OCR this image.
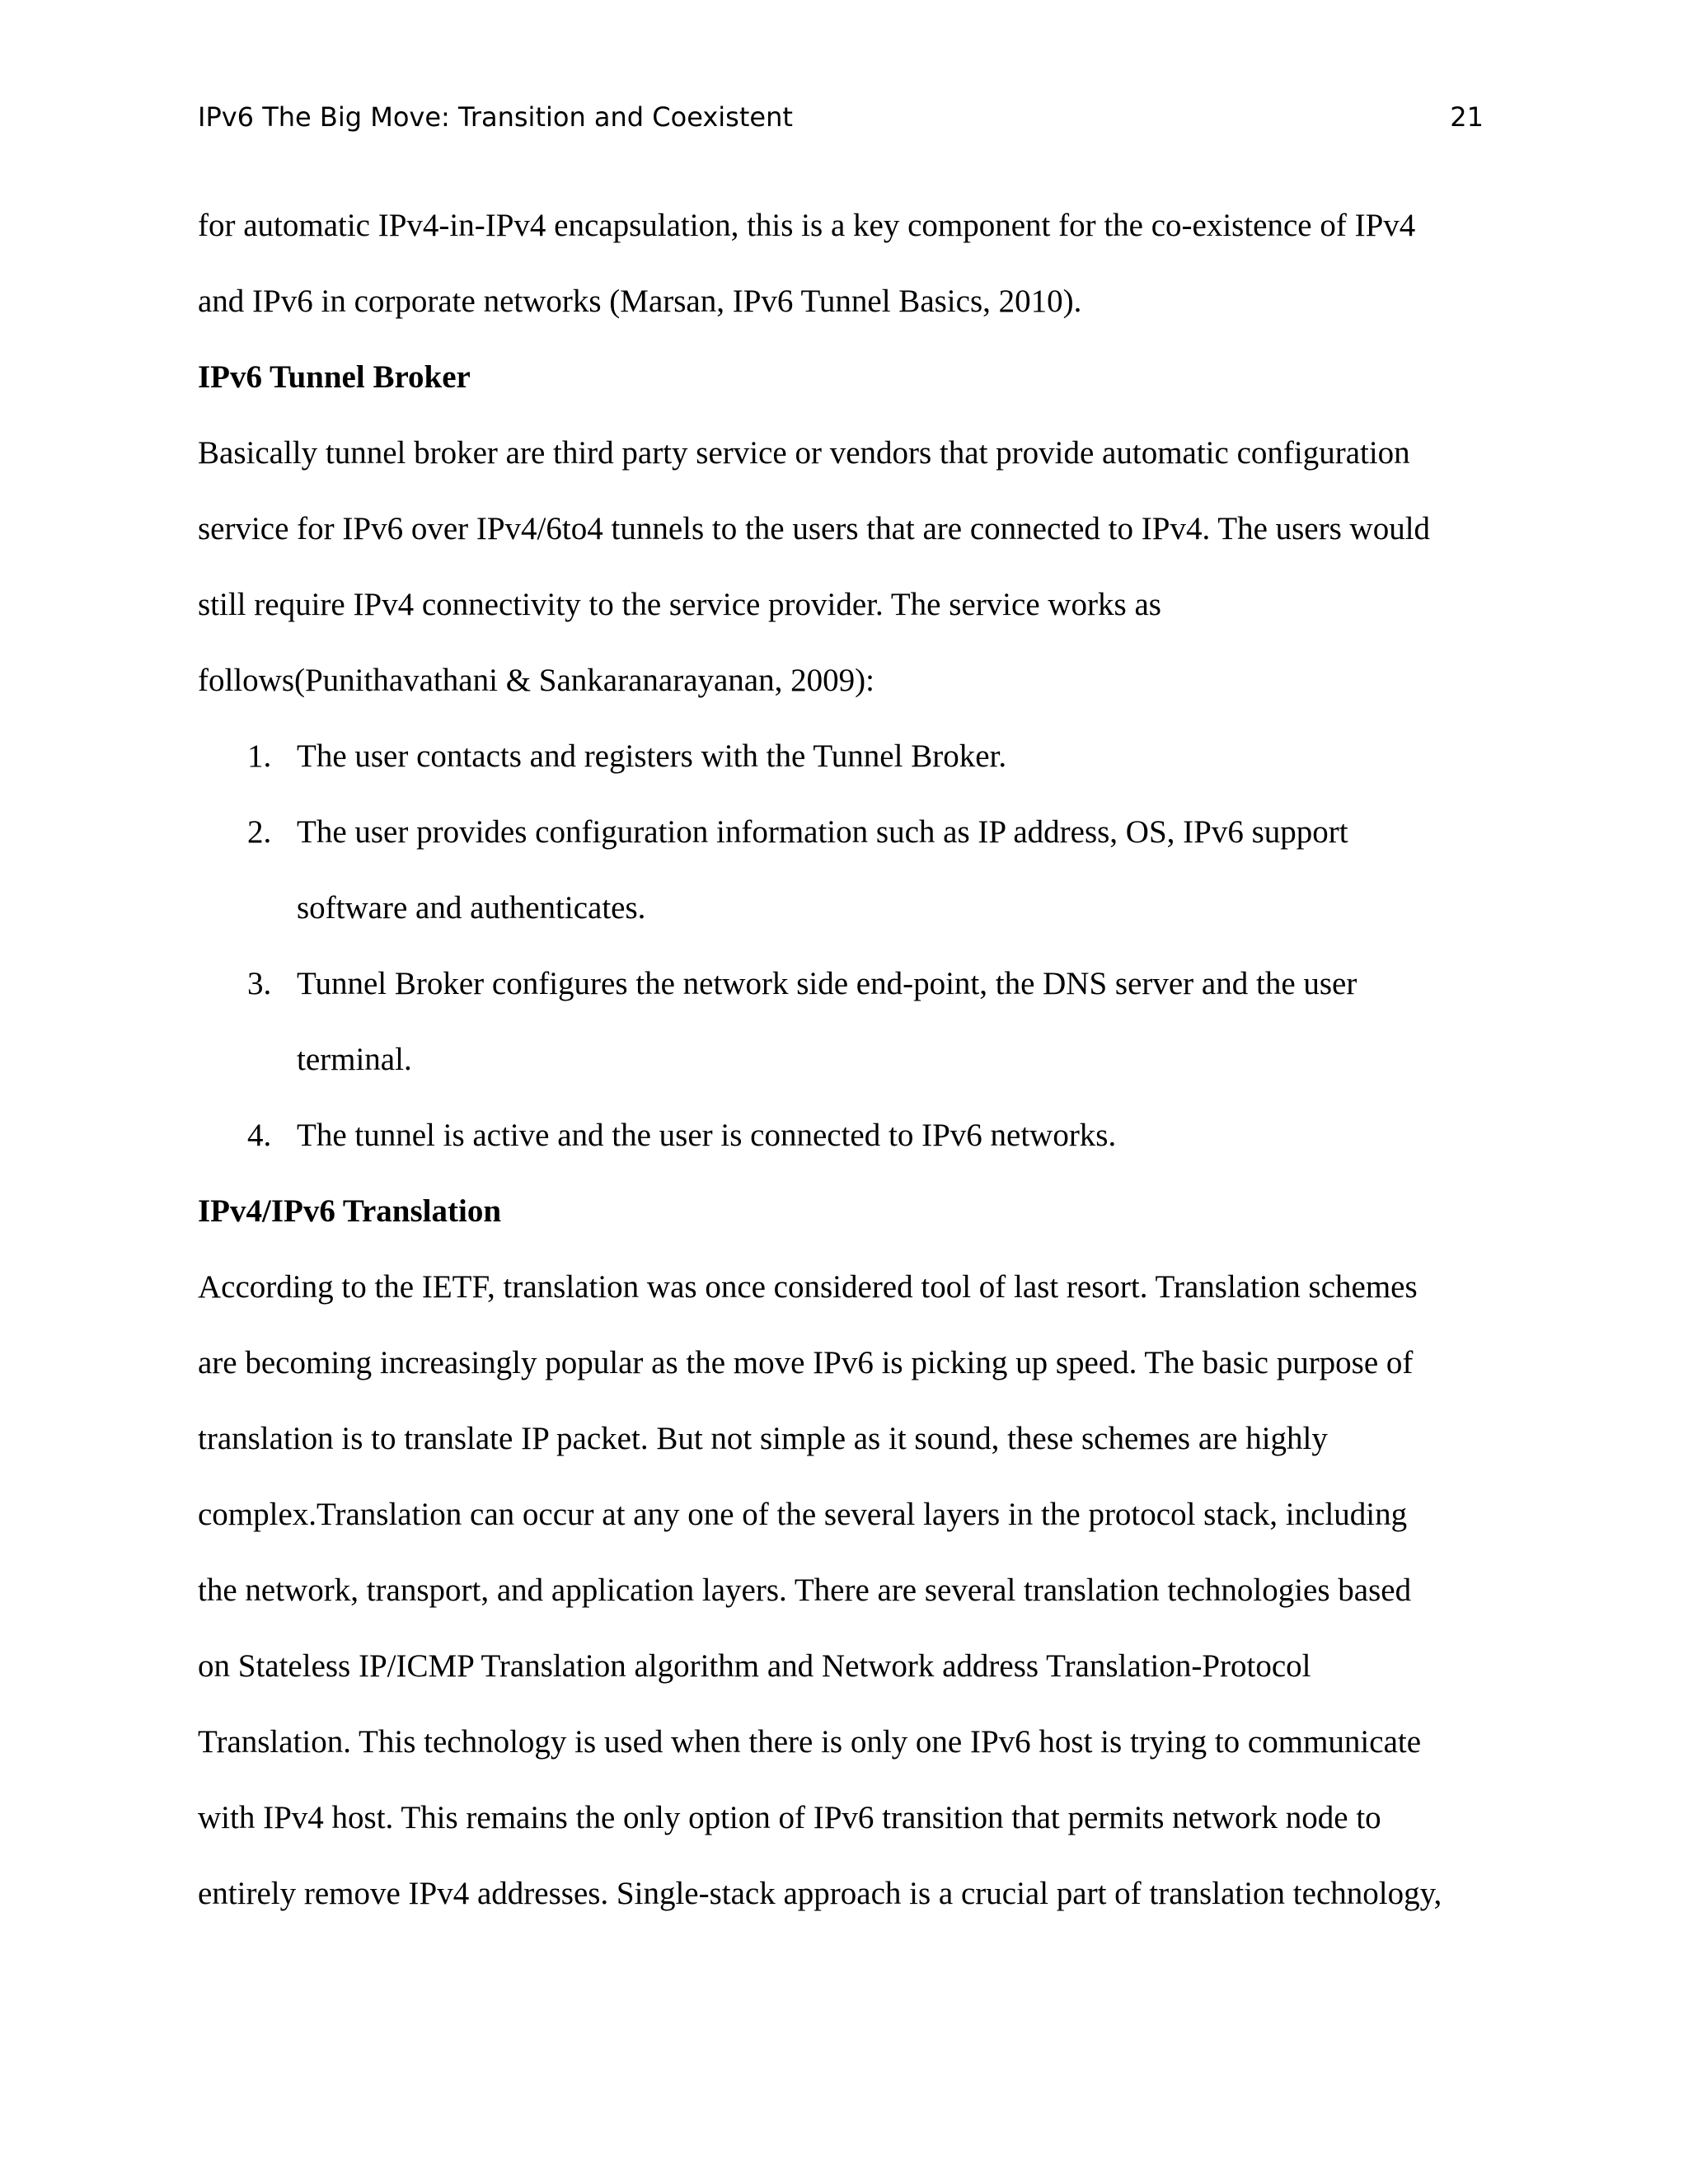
IPv6 The Big Move: Transition and Coexistent	21
for automatic IPv4-in-IPv4 encapsulation, this is a key component for the co-existence of IPv4
and IPv6 in corporate networks (Marsan, IPv6 Tunnel Basics, 2010).
IPv6 Tunnel Broker
Basically tunnel broker are third party service or vendors that provide automatic configuration
service for IPv6 over IPv4/6to4 tunnels to the users that are connected to IPv4. The users would
still require IPv4 connectivity to the service provider. The service works as
follows(Punithavathani & Sankaranarayanan, 2009):
1. The user contacts and registers with the Tunnel Broker.
2. The user provides configuration information such as IP address, OS, IPv6 support
software and authenticates.
3. Tunnel Broker configures the network side end-point, the DNS server and the user
terminal.
4. The tunnel is active and the user is connected to IPv6 networks.
IPv4/IPv6 Translation
According to the IETF, translation was once considered tool of last resort. Translation schemes
are becoming increasingly popular as the move IPv6 is picking up speed. The basic purpose of
translation is to translate IP packet. But not simple as it sound, these schemes are highly
complex.Translation can occur at any one of the several layers in the protocol stack, including
the network, transport, and application layers. There are several translation technologies based
on Stateless IP/ICMP Translation algorithm and Network address Translation-Protocol
Translation. This technology is used when there is only one IPv6 host is trying to communicate
with IPv4 host. This remains the only option of IPv6 transition that permits network node to
entirely remove IPv4 addresses. Single-stack approach is a crucial part of translation technology,
